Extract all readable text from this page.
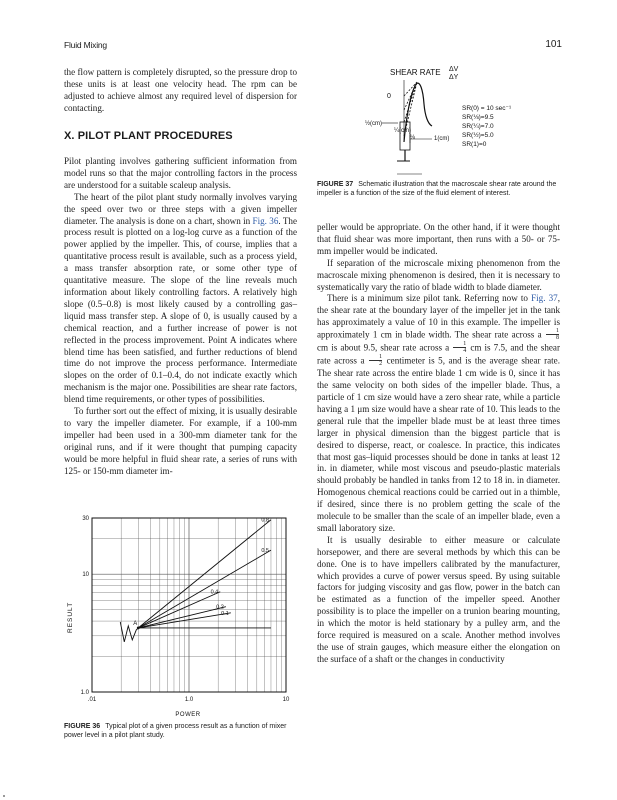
Fluid Mixing	101

the flow pattern is completely disrupted, so the pressure drop to these units is at least one velocity head. The rpm can be adjusted to achieve almost any required level of dispersion for contacting.

X. PILOT PLANT PROCEDURES

Pilot planting involves gathering sufficient information from model runs so that the major controlling factors in the process are understood for a suitable scaleup analysis.

The heart of the pilot plant study normally involves varying the speed over two or three steps with a given impeller diameter. The analysis is done on a chart, shown in Fig. 36. The process result is plotted on a log-log curve as a function of the power applied by the impeller. This, of course, implies that a quantitative process result is available, such as a process yield, a mass transfer absorption rate, or some other type of quantitative measure. The slope of the line reveals much information about likely controlling factors. A relatively high slope (0.5–0.8) is most likely caused by a controlling gas–liquid mass transfer step. A slope of 0, is usually caused by a chemical reaction, and a further increase of power is not reflected in the process improvement. Point A indicates where blend time has been satisfied, and further reductions of blend time do not improve the process performance. Intermediate slopes on the order of 0.1–0.4, do not indicate exactly which mechanism is the major one. Possibilities are shear rate factors, blend time requirements, or other types of possibilities.

To further sort out the effect of mixing, it is usually desirable to vary the impeller diameter. For example, if a 100-mm impeller had been used in a 300-mm diameter tank for the original runs, and if it were thought that pumping capacity would be more helpful in fluid shear rate, a series of runs with 125- or 150-mm diameter im-

0.8
0.5
0.4
0.2
0.1
A
.01	1.0	10
1.0
10
30
RESULT
POWER
FIGURE 36 Typical plot of a given process result as a function of mixer power level in a pilot plant study.
SHEAR RATE ΔV
ΔY
0
½(cm)
¼(cm)
⅛	1(cm)
SR(0) = 10 sec⁻¹
SR(⅛)=9.5
SR(¼)=7.0
SR(½)=5.0
SR(1)=0
FIGURE 37 Schematic illustration that the macroscale shear rate around the impeller is a function of the size of the fluid element of interest.

peller would be appropriate. On the other hand, if it were thought that fluid shear was more important, then runs with a 50- or 75-mm impeller would be indicated.

If separation of the microscale mixing phenomenon from the macroscale mixing phenomenon is desired, then it is necessary to systematically vary the ratio of blade width to blade diameter.

There is a minimum size pilot tank. Referring now to Fig. 37, the shear rate at the boundary layer of the impeller jet in the tank has approximately a value of 10 in this example. The impeller is approximately 1 cm in blade width. The shear rate across a $\frac{1}{8}$
cm is about 9.5, shear rate across a $\frac{1}{4}$ cm is 7.5, and the shear rate across a $\frac{1}{2}$ centimeter is 5, and is the average shear rate. The shear rate across the entire blade 1 cm wide is 0, since it has the same velocity on both sides of the impeller blade. Thus, a particle of 1 cm size would have a zero shear rate, while a particle having a 1 μm size would have a shear rate of 10. This leads to the general rule that the impeller blade must be at least three times larger in physical dimension than the biggest particle that is desired to disperse, react, or coalesce. In practice, this indicates that most gas–liquid processes should be done in tanks at least 12 in. in diameter, while most viscous and pseudo-plastic materials should probably be handled in tanks from 12 to 18 in. in diameter. Homogenous chemical reactions could be carried out in a thimble, if desired, since there is no problem getting the scale of the molecule to be smaller than the scale of an impeller blade, even a small laboratory size.

It is usually desirable to either measure or calculate horsepower, and there are several methods by which this can be done. One is to have impellers calibrated by the manufacturer, which provides a curve of power versus speed. By using suitable factors for judging viscosity and gas flow, power in the batch can be estimated as a function of the impeller speed. Another possibility is to place the impeller on a trunion bearing mounting, in which the motor is held stationary by a pulley arm, and the force required is measured on a scale. Another method involves the use of strain gauges, which measure either the elongation on the surface of a shaft or the changes in conductivity
